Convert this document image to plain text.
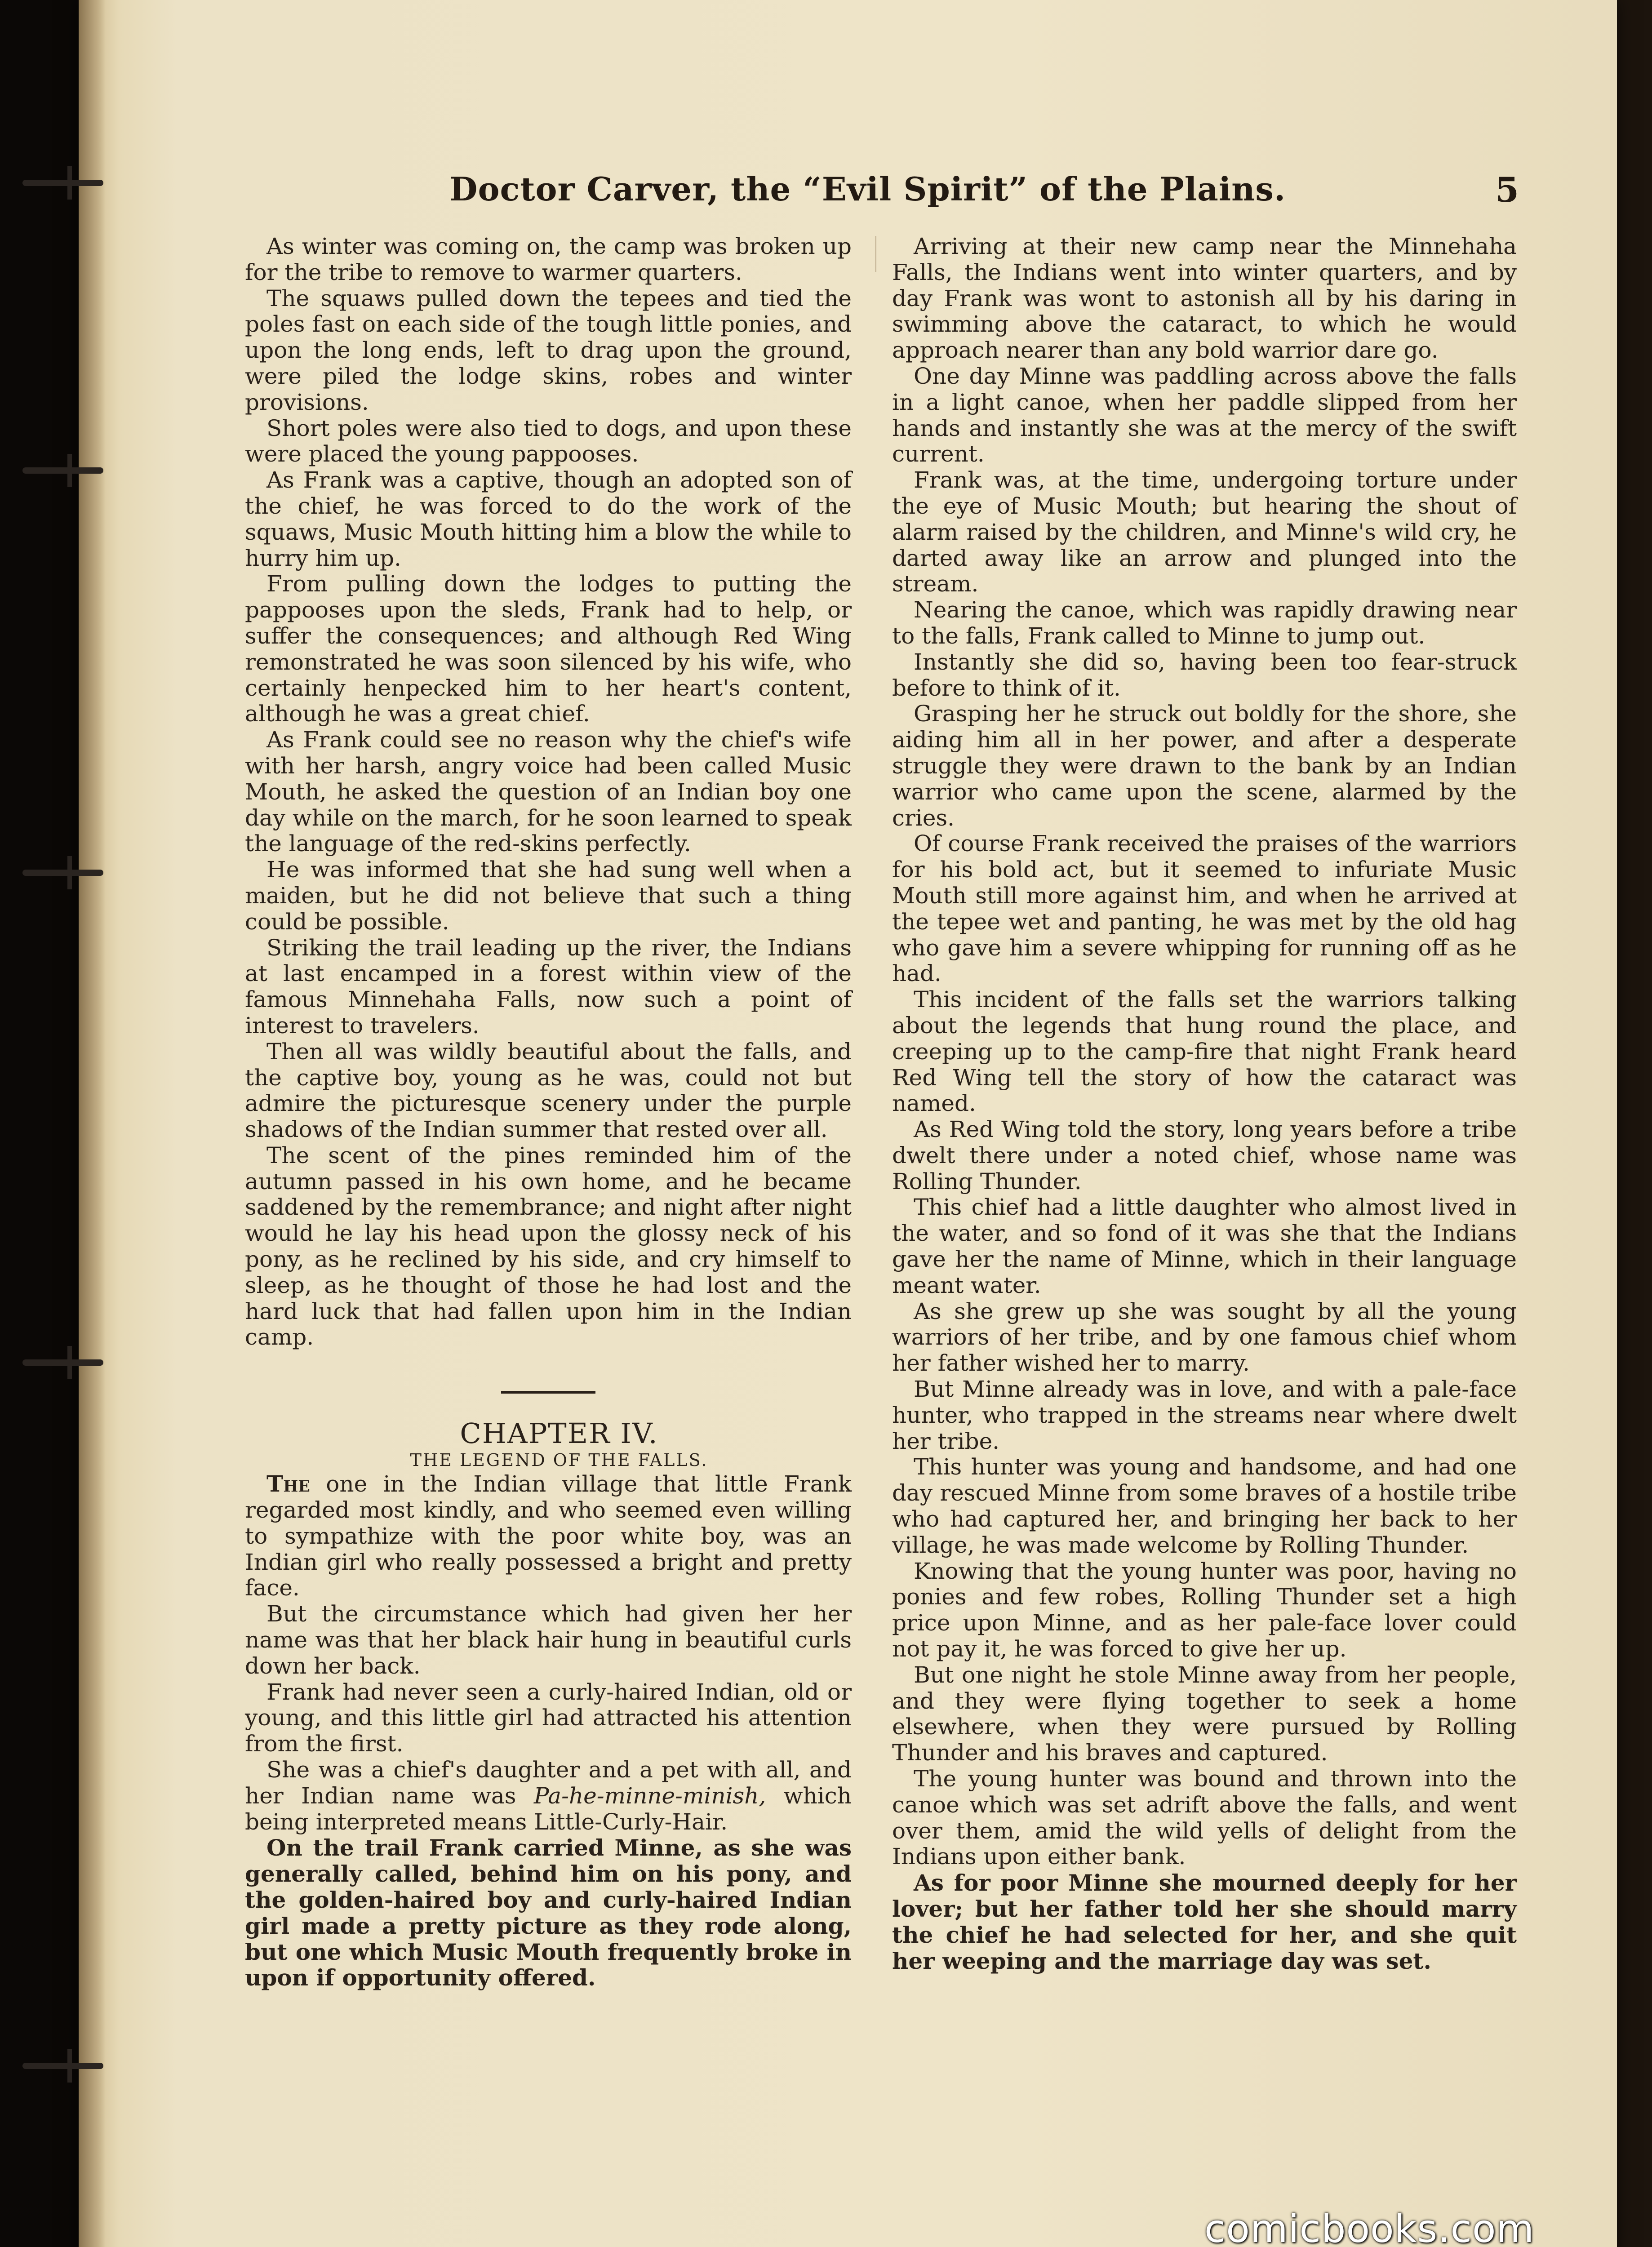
Doctor Carver, the “Evil Spirit” of the Plains.	5

As winter was coming on, the camp was broken up for the tribe to remove to warmer quarters.

The squaws pulled down the tepees and tied the poles fast on each side of the tough little ponies, and upon the long ends, left to drag upon the ground, were piled the lodge skins, robes and winter provisions.

Short poles were also tied to dogs, and upon these were placed the young pappooses.

As Frank was a captive, though an adopted son of the chief, he was forced to do the work of the squaws, Music Mouth hitting him a blow the while to hurry him up.

From pulling down the lodges to putting the pappooses upon the sleds, Frank had to help, or suffer the consequences; and although Red Wing remonstrated he was soon silenced by his wife, who certainly henpecked him to her heart's content, although he was a great chief.

As Frank could see no reason why the chief's wife with her harsh, angry voice had been called Music Mouth, he asked the question of an Indian boy one day while on the march, for he soon learned to speak the language of the red-skins perfectly.

He was informed that she had sung well when a maiden, but he did not believe that such a thing could be possible.

Striking the trail leading up the river, the Indians at last encamped in a forest within view of the famous Minnehaha Falls, now such a point of interest to travelers.

Then all was wildly beautiful about the falls, and the captive boy, young as he was, could not but admire the picturesque scenery under the purple shadows of the Indian summer that rested over all.

The scent of the pines reminded him of the autumn passed in his own home, and he became saddened by the remembrance; and night after night would he lay his head upon the glossy neck of his pony, as he reclined by his side, and cry himself to sleep, as he thought of those he had lost and the hard luck that had fallen upon him in the Indian camp.

CHAPTER IV.

THE LEGEND OF THE FALLS.

The one in the Indian village that little Frank regarded most kindly, and who seemed even willing to sympathize with the poor white boy, was an Indian girl who really possessed a bright and pretty face.

But the circumstance which had given her her name was that her black hair hung in beautiful curls down her back.

Frank had never seen a curly-haired Indian, old or young, and this little girl had attracted his attention from the first.

She was a chief's daughter and a pet with all, and her Indian name was Pa-he-minne-minish, which being interpreted means Little-Curly-Hair.

On the trail Frank carried Minne, as she was generally called, behind him on his pony, and the golden-haired boy and curly-haired Indian girl made a pretty picture as they rode along, but one which Music Mouth frequently broke in upon if opportunity offered.

Arriving at their new camp near the Minnehaha Falls, the Indians went into winter quarters, and by day Frank was wont to astonish all by his daring in swimming above the cataract, to which he would approach nearer than any bold warrior dare go.

One day Minne was paddling across above the falls in a light canoe, when her paddle slipped from her hands and instantly she was at the mercy of the swift current.

Frank was, at the time, undergoing torture under the eye of Music Mouth; but hearing the shout of alarm raised by the children, and Minne's wild cry, he darted away like an arrow and plunged into the stream.

Nearing the canoe, which was rapidly drawing near to the falls, Frank called to Minne to jump out.

Instantly she did so, having been too fear-struck before to think of it.

Grasping her he struck out boldly for the shore, she aiding him all in her power, and after a desperate struggle they were drawn to the bank by an Indian warrior who came upon the scene, alarmed by the cries.

Of course Frank received the praises of the warriors for his bold act, but it seemed to infuriate Music Mouth still more against him, and when he arrived at the tepee wet and panting, he was met by the old hag who gave him a severe whipping for running off as he had.

This incident of the falls set the warriors talking about the legends that hung round the place, and creeping up to the camp-fire that night Frank heard Red Wing tell the story of how the cataract was named.

As Red Wing told the story, long years before a tribe dwelt there under a noted chief, whose name was Rolling Thunder.

This chief had a little daughter who almost lived in the water, and so fond of it was she that the Indians gave her the name of Minne, which in their language meant water.

As she grew up she was sought by all the young warriors of her tribe, and by one famous chief whom her father wished her to marry.

But Minne already was in love, and with a pale-face hunter, who trapped in the streams near where dwelt her tribe.

This hunter was young and handsome, and had one day rescued Minne from some braves of a hostile tribe who had captured her, and bringing her back to her village, he was made welcome by Rolling Thunder.

Knowing that the young hunter was poor, having no ponies and few robes, Rolling Thunder set a high price upon Minne, and as her pale-face lover could not pay it, he was forced to give her up.

But one night he stole Minne away from her people, and they were flying together to seek a home elsewhere, when they were pursued by Rolling Thunder and his braves and captured.

The young hunter was bound and thrown into the canoe which was set adrift above the falls, and went over them, amid the wild yells of delight from the Indians upon either bank.

As for poor Minne she mourned deeply for her lover; but her father told her she should marry the chief he had selected for her, and she quit her weeping and the marriage day was set.

comicbooks.com
